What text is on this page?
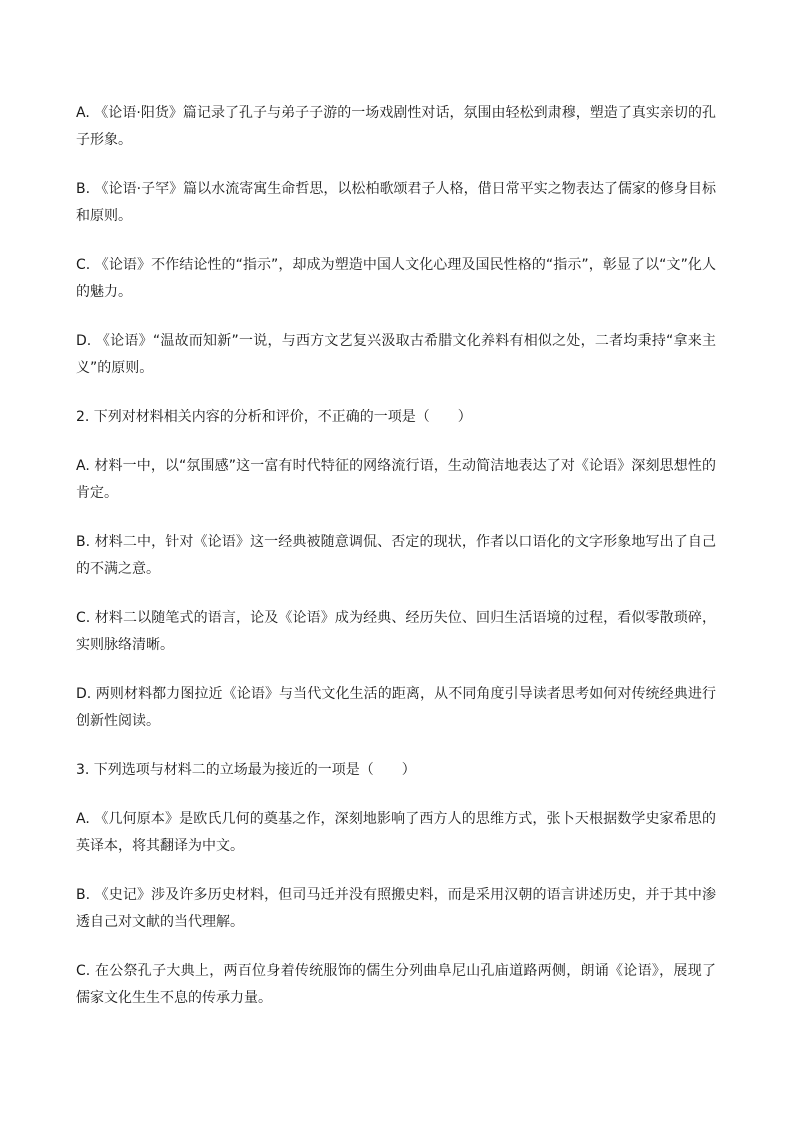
A. 《论语·阳货》篇记录了孔子与弟子子游的一场戏剧性对话，氛围由轻松到肃穆，塑造了真实亲切的孔子形象。

B. 《论语·子罕》篇以水流寄寓生命哲思，以松柏歌颂君子人格，借日常平实之物表达了儒家的修身目标和原则。

C. 《论语》不作结论性的“指示”，却成为塑造中国人文化心理及国民性格的“指示”，彰显了以“文”化人的魅力。

D. 《论语》“温故而知新”一说，与西方文艺复兴汲取古希腊文化养料有相似之处，二者均秉持“拿来主义”的原则。

2. 下列对材料相关内容的分析和评价，不正确的一项是（　　）

A. 材料一中，以“氛围感”这一富有时代特征的网络流行语，生动简洁地表达了对《论语》深刻思想性的肯定。

B. 材料二中，针对《论语》这一经典被随意调侃、否定的现状，作者以口语化的文字形象地写出了自己的不满之意。

C. 材料二以随笔式的语言，论及《论语》成为经典、经历失位、回归生活语境的过程，看似零散琐碎，实则脉络清晰。

D. 两则材料都力图拉近《论语》与当代文化生活的距离，从不同角度引导读者思考如何对传统经典进行创新性阅读。

3. 下列选项与材料二的立场最为接近的一项是（　　）

A. 《几何原本》是欧氏几何的奠基之作，深刻地影响了西方人的思维方式，张卜天根据数学史家希思的英译本，将其翻译为中文。

B. 《史记》涉及许多历史材料，但司马迁并没有照搬史料，而是采用汉朝的语言讲述历史，并于其中渗透自己对文献的当代理解。

C. 在公祭孔子大典上，两百位身着传统服饰的儒生分列曲阜尼山孔庙道路两侧，朗诵《论语》，展现了儒家文化生生不息的传承力量。
